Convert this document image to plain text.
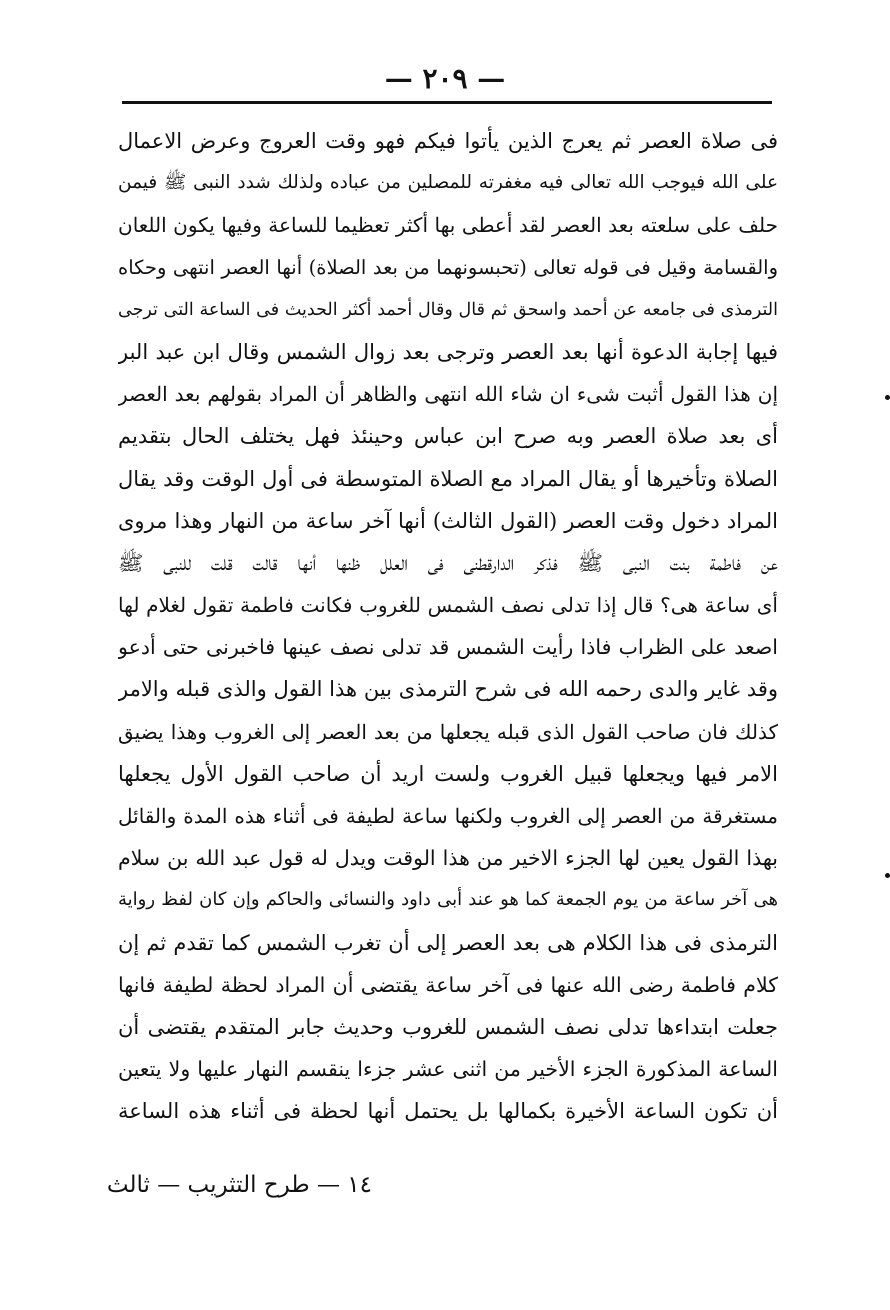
— ٢٠٩ —
فى صلاة العصر ثم يعرج الذين يأتوا فيكم فهو وقت العروج وعرض الاعمال
على الله فيوجب الله تعالى فيه مغفرته للمصلين من عباده ولذلك شدد النبى ﷺ فيمن
حلف على سلعته بعد العصر لقد أعطى بها أكثر تعظيما للساعة وفيها يكون اللعان
والقسامة وقيل فى قوله تعالى (تحبسونهما من بعد الصلاة) أنها العصر انتهى وحكاه
الترمذى فى جامعه عن أحمد واسحق ثم قال وقال أحمد أكثر الحديث فى الساعة التى ترجى
فيها إجابة الدعوة أنها بعد العصر وترجى بعد زوال الشمس وقال ابن عبد البر
إن هذا القول أثبت شىء ان شاء الله انتهى والظاهر أن المراد بقولهم بعد العصر
أى بعد صلاة العصر وبه صرح ابن عباس وحينئذ فهل يختلف الحال بتقديم
الصلاة وتأخيرها أو يقال المراد مع الصلاة المتوسطة فى أول الوقت وقد يقال
المراد دخول وقت العصر (القول الثالث) أنها آخر ساعة من النهار وهذا مروى
عن فاطمة بنت النبى ﷺ فذكر الدارقطنى فى العلل ظنها أنها قالت قلت للنبى ﷺ
أى ساعة هى؟ قال إذا تدلى نصف الشمس للغروب فكانت فاطمة تقول لغلام لها
اصعد على الظراب فاذا رأيت الشمس قد تدلى نصف عينها فاخبرنى حتى أدعو
وقد غاير والدى رحمه الله فى شرح الترمذى بين هذا القول والذى قبله والامر
كذلك فان صاحب القول الذى قبله يجعلها من بعد العصر إلى الغروب وهذا يضيق
الامر فيها ويجعلها قبيل الغروب ولست اريد أن صاحب القول الأول يجعلها
مستغرقة من العصر إلى الغروب ولكنها ساعة لطيفة فى أثناء هذه المدة والقائل
بهذا القول يعين لها الجزء الاخير من هذا الوقت ويدل له قول عبد الله بن سلام
هى آخر ساعة من يوم الجمعة كما هو عند أبى داود والنسائى والحاكم وإن كان لفظ رواية
الترمذى فى هذا الكلام هى بعد العصر إلى أن تغرب الشمس كما تقدم ثم إن
كلام فاطمة رضى الله عنها فى آخر ساعة يقتضى أن المراد لحظة لطيفة فانها
جعلت ابتداءها تدلى نصف الشمس للغروب وحديث جابر المتقدم يقتضى أن
الساعة المذكورة الجزء الأخير من اثنى عشر جزءا ينقسم النهار عليها ولا يتعين
أن تكون الساعة الأخيرة بكمالها بل يحتمل أنها لحظة فى أثناء هذه الساعة
١٤ — طرح التثريب — ثالث
